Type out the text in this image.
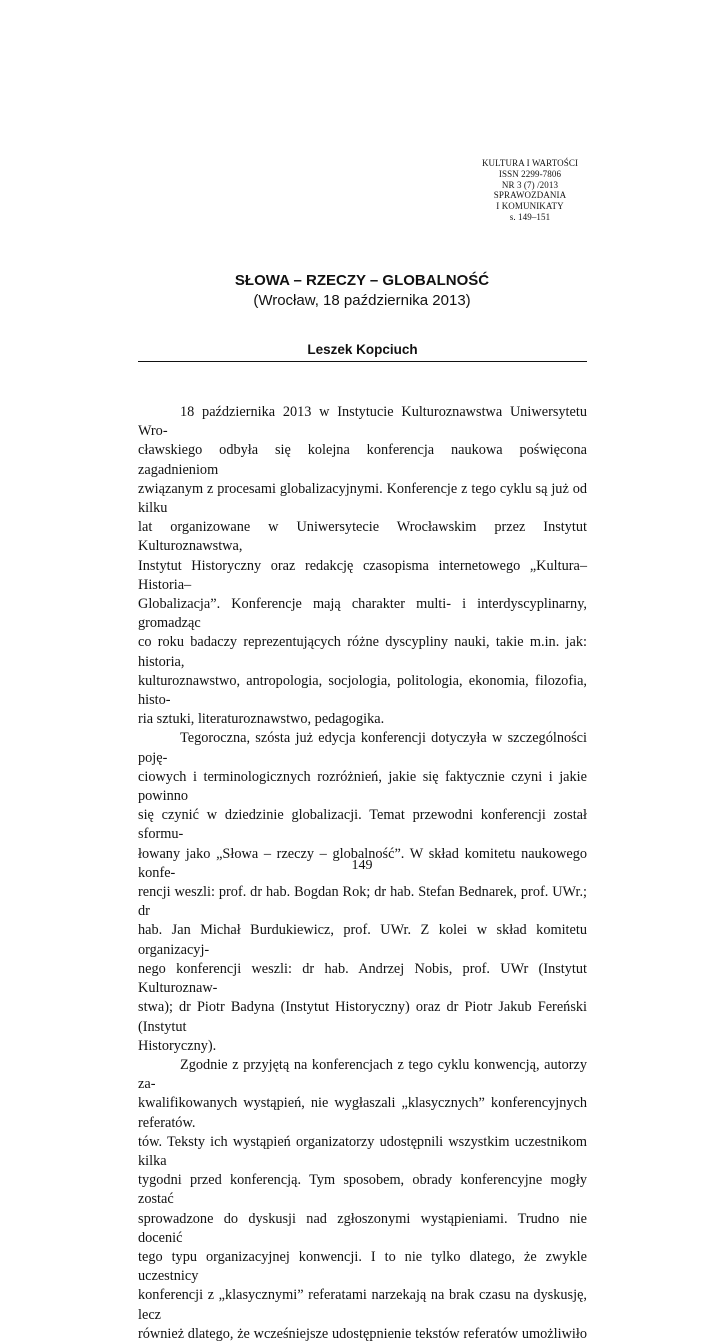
KULTURA I WARTOŚCI
ISSN 2299-7806
NR 3 (7) /2013
SPRAWOZDANIA
I KOMUNIKATY
s. 149–151
SŁOWA – RZECZY – GLOBALNOŚĆ
(Wrocław, 18 października 2013)
Leszek Kopciuch

18 października 2013 w Instytucie Kulturoznawstwa Uniwersytetu Wro-
cławskiego odbyła się kolejna konferencja naukowa poświęcona zagadnieniom
związanym z procesami globalizacyjnymi. Konferencje z tego cyklu są już od kilku
lat organizowane w Uniwersytecie Wrocławskim przez Instytut Kulturoznawstwa,
Instytut Historyczny oraz redakcję czasopisma internetowego „Kultura–Historia–
Globalizacja”. Konferencje mają charakter multi- i interdyscyplinarny, gromadząc
co roku badaczy reprezentujących różne dyscypliny nauki, takie m.in. jak: historia,
kulturoznawstwo, antropologia, socjologia, politologia, ekonomia, filozofia, histo-
ria sztuki, literaturoznawstwo, pedagogika.

Tegoroczna, szósta już edycja konferencji dotyczyła w szczególności poję-
ciowych i terminologicznych rozróżnień, jakie się faktycznie czyni i jakie powinno
się czynić w dziedzinie globalizacji. Temat przewodni konferencji został sformu-
łowany jako „Słowa – rzeczy – globalność”. W skład komitetu naukowego konfe-
rencji weszli: prof. dr hab. Bogdan Rok; dr hab. Stefan Bednarek, prof. UWr.; dr
hab. Jan Michał Burdukiewicz, prof. UWr. Z kolei w skład komitetu organizacyj-
nego konferencji weszli: dr hab. Andrzej Nobis, prof. UWr (Instytut Kulturoznaw-
stwa); dr Piotr Badyna (Instytut Historyczny) oraz dr Piotr Jakub Fereński (Instytut
Historyczny).

Zgodnie z przyjętą na konferencjach z tego cyklu konwencją, autorzy za-
kwalifikowanych wystąpień, nie wygłaszali „klasycznych” konferencyjnych referatów.
tów. Teksty ich wystąpień organizatorzy udostępnili wszystkim uczestnikom kilka
tygodni przed konferencją. Tym sposobem, obrady konferencyjne mogły zostać
sprowadzone do dyskusji nad zgłoszonymi wystąpieniami. Trudno nie docenić
tego typu organizacyjnej konwencji. I to nie tylko dlatego, że zwykle uczestnicy
konferencji z „klasycznymi” referatami narzekają na brak czasu na dyskusję, lecz
również dlatego, że wcześniejsze udostępnienie tekstów referatów umożliwiło

149
